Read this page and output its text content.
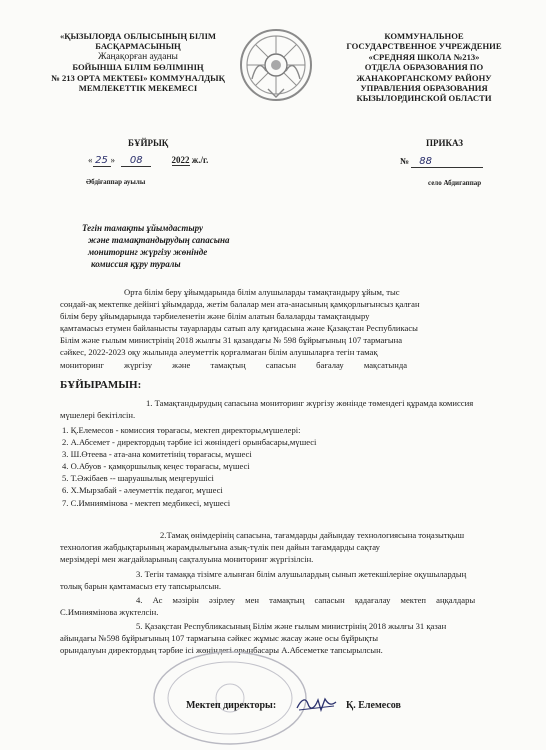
«ҚЫЗЫЛОРДА ОБЛЫСЫНЫҢ БІЛІМ
БАСҚАРМАСЫНЫҢ
Жаңақорған ауданы
БОЙЫНША БІЛІМ БӨЛІМІНІҢ
№ 213 ОРТА МЕКТЕБІ» КОММУНАЛДЫҚ
МЕМЛЕКЕТТІК МЕКЕМЕСІ
КОММУНАЛЬНОЕ
ГОСУДАРСТВЕННОЕ УЧРЕЖДЕНИЕ
«СРЕДНЯЯ ШКОЛА №213»
ОТДЕЛА ОБРАЗОВАНИЯ ПО
ЖАНАКОРГАНСКОМУ РАЙОНУ
УПРАВЛЕНИЯ ОБРАЗОВАНИЯ
КЫЗЫЛОРДИНСКОЙ ОБЛАСТИ
БҰЙРЫҚ	ПРИКАЗ
« 25 » 08	2022 ж./г.	№ 88
Әбдіғаппар ауылы	село Абдигаппар
Тегін тамақты ұйымдастыру
және тамақтандырудың сапасына
мониторинг жүргізу жөнінде
комиссия құру туралы
Орта білім беру ұйымдарында білім алушыларды тамақтандыру ұйым, тыс
сондай-ақ мектепке дейінгі ұйымдарда, жетім балалар мен ата-анасының қамқорлығынсыз қалған
білім беру ұйымдарында тәрбиеленетін және білім алатын балаларды тамақтандыру
қамтамасыз етумен байланысты тауарларды сатып алу қағидасына және Қазақстан Республикасы
Білім және ғылым министрінің 2018 жылғы 31 қазандағы № 598 бұйрығының 107 тармағына
сәйкес, 2022-2023 оқу жылында әлеуметтік қорғалмаған білім алушыларға тегін тамақ
мониторинг жүргізу және тамақтың сапасын бағалау мақсатында
БҰЙЫРАМЫН:
1. Тамақтандырудың сапасына мониторинг жүргізу жөнінде төмендегі құрамда комиссия
мүшелері бекітілсін.
1. Қ.Елемесов - комиссия төрағасы, мектеп директоры,мүшелері:
2. А.Абсемет - директордың тәрбие ісі жөніндегі орынбасары,мүшесі
3. Ш.Өтеева - ата-ана комитетінің төрағасы, мүшесі
4. О.Абуов - қамқоршылық кеңес төрағасы, мүшесі
5. Т.Әжібаев -- шаруашылық меңгерушісі
6. Х.Мырзабай - әлеуметтік педагог, мүшесі
7. С.Имниямінова - мектеп медбикесі, мүшесі
2.Тамақ өнімдерінің сапасына, тағамдарды дайындау технологиясына тоңазытқыш
технология жабдықтарының жарамдылығына азық-түлік пен дайын тағамдарды сақтау
мерзімдері мен жағдайларының сақталуына мониторинг жүргізілсін.
3. Тегін тамаққа тізімге алынған білім алушылардың сынып жетекшілеріне оқушылардың
толық барын қамтамасыз ету тапсырылсын.
4. Ас мәзірін әзірлеу мен тамақтың сапасын қадағалау мектеп аңқалдары
С.Имниямінова жүктелсін.
5. Қазақстан Республикасының Білім және ғылым министрінің 2018 жылғы 31 қазан
айындағы №598 бұйрығының 107 тармағына сәйкес жұмыс жасау және осы бұйрықты
орындалуын директордың тәрбие ісі жөніндегі орынбасары А.Абсеметке тапсырылсын.
Мектеп директоры:	Қ. Елемесов
